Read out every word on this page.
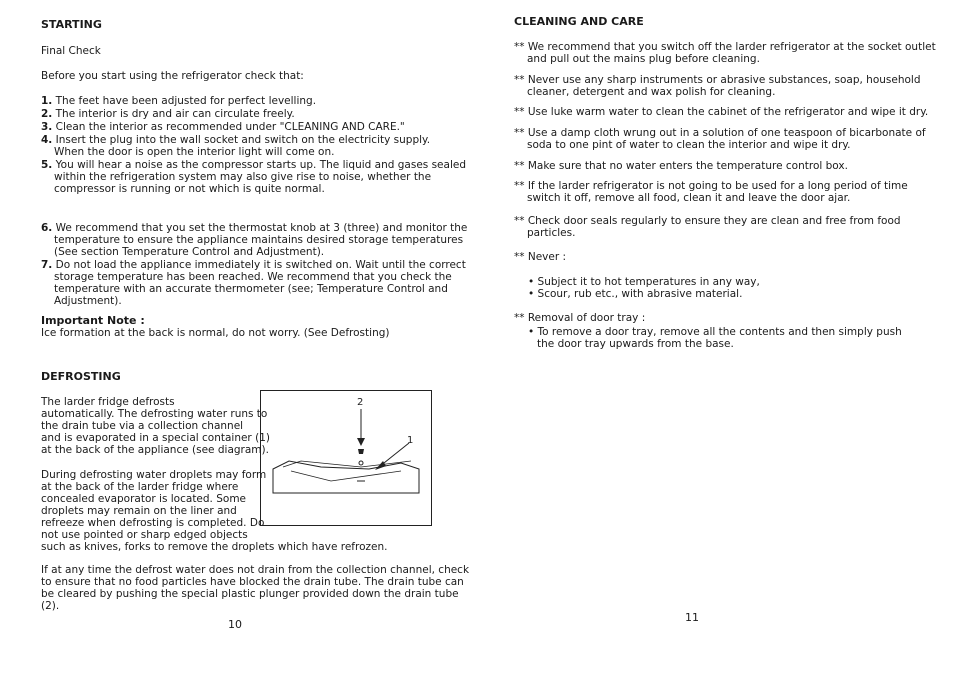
STARTING
Final Check
Before you start using the refrigerator check that:
1. The feet have been adjusted for perfect levelling.
2. The interior is dry and air can circulate freely.
3. Clean the interior as recommended under "CLEANING AND CARE."
4. Insert the plug into the wall socket and switch on the electricity supply.
When the door is open the interior light will come on.
5. You will hear a noise as the compressor starts up. The liquid and gases sealed
within the refrigeration system may also give rise to noise, whether the
compressor is running or not which is quite normal.
6. We recommend that you set the thermostat knob at 3 (three) and monitor the
temperature to ensure the appliance maintains desired storage temperatures
(See section Temperature Control and Adjustment).
7. Do not load the appliance immediately it is switched on. Wait until the correct
storage temperature has been reached. We recommend that you check the
temperature with an accurate thermometer (see; Temperature Control and
Adjustment).
Important Note :
Ice formation at the back is normal, do not worry. (See Defrosting)
DEFROSTING
The larder fridge defrosts
automatically. The defrosting water runs to
the drain tube via a collection channel
and is evaporated in a special container (1)
at the back of the appliance (see diagram).
During defrosting water droplets may form
at the back of the larder fridge where
concealed evaporator is located. Some
droplets may remain on the liner and
refreeze when defrosting is completed. Do
not use pointed or sharp edged objects
such as knives, forks to remove the droplets which have refrozen.
If at any time the defrost water does not drain from the collection channel, check
to ensure that no food particles have blocked the drain tube. The drain tube can
be cleared by pushing the special plastic plunger provided down the drain tube
(2).
10
2
1
CLEANING AND CARE
** We recommend that you switch off the larder refrigerator at the socket outlet
and pull out the mains plug before cleaning.
** Never use any sharp instruments or abrasive substances, soap, household
cleaner, detergent and wax polish for cleaning.
** Use luke warm water to clean the cabinet of the refrigerator and wipe it dry.
** Use a damp cloth wrung out in a solution of one teaspoon of bicarbonate of
soda to one pint of water to clean the interior and wipe it dry.
** Make sure that no water enters the temperature control box.
** If the larder refrigerator is not going to be used for a long period of time
switch it off, remove all food, clean it and leave the door ajar.
** Check door seals regularly to ensure they are clean and free from food
particles.
** Never :
• Subject it to hot temperatures in any way,
• Scour, rub etc., with abrasive material.
** Removal of door tray :
• To remove a door tray, remove all the contents and then simply push
the door tray upwards from the base.
11
